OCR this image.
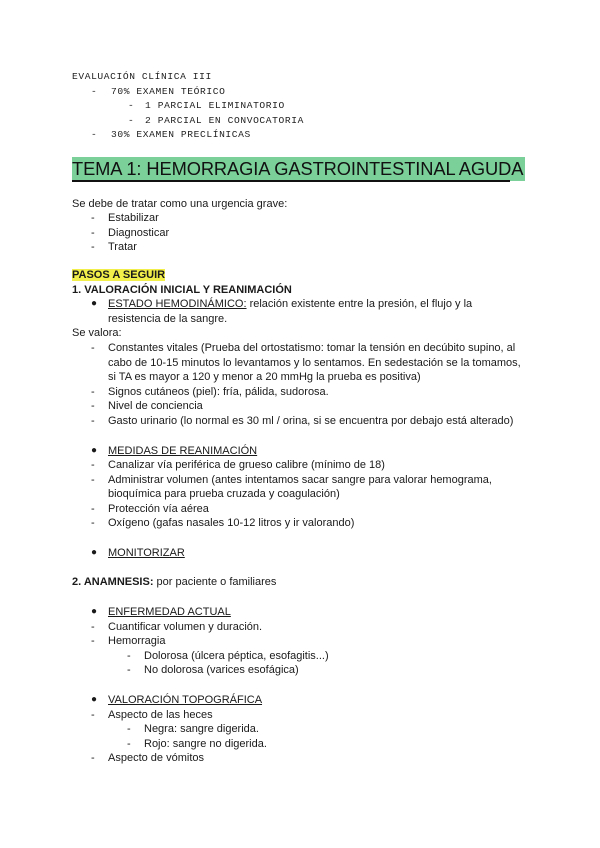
EVALUACIÓN CLÍNICA III
- 70% EXAMEN TEÓRICO
- 1 PARCIAL ELIMINATORIO
- 2 PARCIAL EN CONVOCATORIA
- 30% EXAMEN PRECLÍNICAS
TEMA 1: HEMORRAGIA GASTROINTESTINAL AGUDA
Se debe de tratar como una urgencia grave:
- Estabilizar
- Diagnosticar
- Tratar
PASOS A SEGUIR
1. VALORACIÓN INICIAL Y REANIMACIÓN
● ESTADO HEMODINÁMICO: relación existente entre la presión, el flujo y la
resistencia de la sangre.
Se valora:
- Constantes vitales (Prueba del ortostatismo: tomar la tensión en decúbito supino, al
cabo de 10-15 minutos lo levantamos y lo sentamos. En sedestación se la tomamos,
si TA es mayor a 120 y menor a 20 mmHg la prueba es positiva)
- Signos cutáneos (piel): fría, pálida, sudorosa.
- Nivel de conciencia
- Gasto urinario (lo normal es 30 ml / orina, si se encuentra por debajo está alterado)
● MEDIDAS DE REANIMACIÓN
- Canalizar vía periférica de grueso calibre (mínimo de 18)
- Administrar volumen (antes intentamos sacar sangre para valorar hemograma,
bioquímica para prueba cruzada y coagulación)
- Protección vía aérea
- Oxígeno (gafas nasales 10-12 litros y ir valorando)
● MONITORIZAR
2. ANAMNESIS: por paciente o familiares
● ENFERMEDAD ACTUAL
- Cuantificar volumen y duración.
- Hemorragia
- Dolorosa (úlcera péptica, esofagitis...)
- No dolorosa (varices esofágica)
● VALORACIÓN TOPOGRÁFICA
- Aspecto de las heces
- Negra: sangre digerida.
- Rojo: sangre no digerida.
- Aspecto de vómitos
